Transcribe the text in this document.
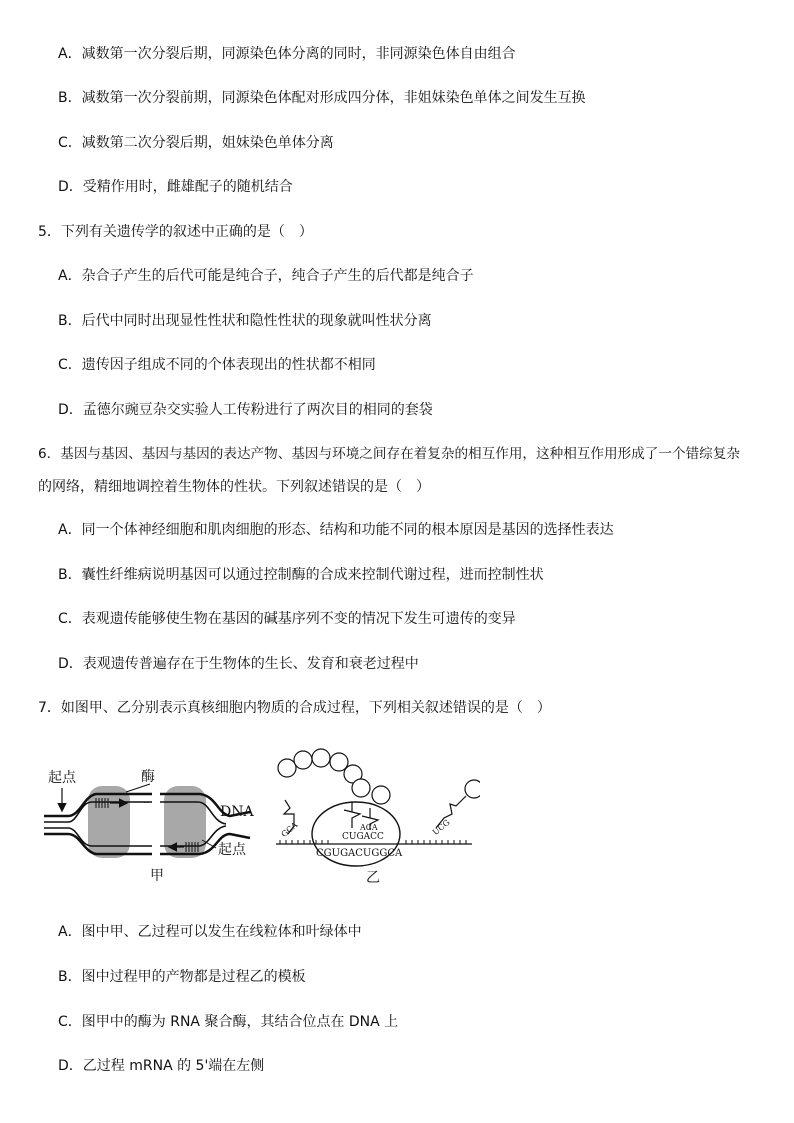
A．减数第一次分裂后期，同源染色体分离的同时，非同源染色体自由组合
B．减数第一次分裂前期，同源染色体配对形成四分体，非姐妹染色单体之间发生互换
C．减数第二次分裂后期，姐妹染色单体分离
D．受精作用时，雌雄配子的随机结合
5．下列有关遗传学的叙述中正确的是（　）
A．杂合子产生的后代可能是纯合子，纯合子产生的后代都是纯合子
B．后代中同时出现显性性状和隐性性状的现象就叫性状分离
C．遗传因子组成不同的个体表现出的性状都不相同
D．孟德尔豌豆杂交实验人工传粉进行了两次目的相同的套袋
6．基因与基因、基因与基因的表达产物、基因与环境之间存在着复杂的相互作用，这种相互作用形成了一个错综复杂
的网络，精细地调控着生物体的性状。下列叙述错误的是（　）
A．同一个体神经细胞和肌肉细胞的形态、结构和功能不同的根本原因是基因的选择性表达
B．囊性纤维病说明基因可以通过控制酶的合成来控制代谢过程，进而控制性状
C．表观遗传能够使生物在基因的碱基序列不变的情况下发生可遗传的变异
D．表观遗传普遍存在于生物体的生长、发育和衰老过程中
7．如图甲、乙分别表示真核细胞内物质的合成过程，下列相关叙述错误的是（　）
··
··
起点	酶
DNA
起点
甲
GCA	ACA	UCG
CUGACC
CGUGACUGGCA
乙
A．图中甲、乙过程可以发生在线粒体和叶绿体中
B．图中过程甲的产物都是过程乙的模板
C．图甲中的酶为 RNA 聚合酶，其结合位点在 DNA 上
D．乙过程 mRNA 的 5'端在左侧
